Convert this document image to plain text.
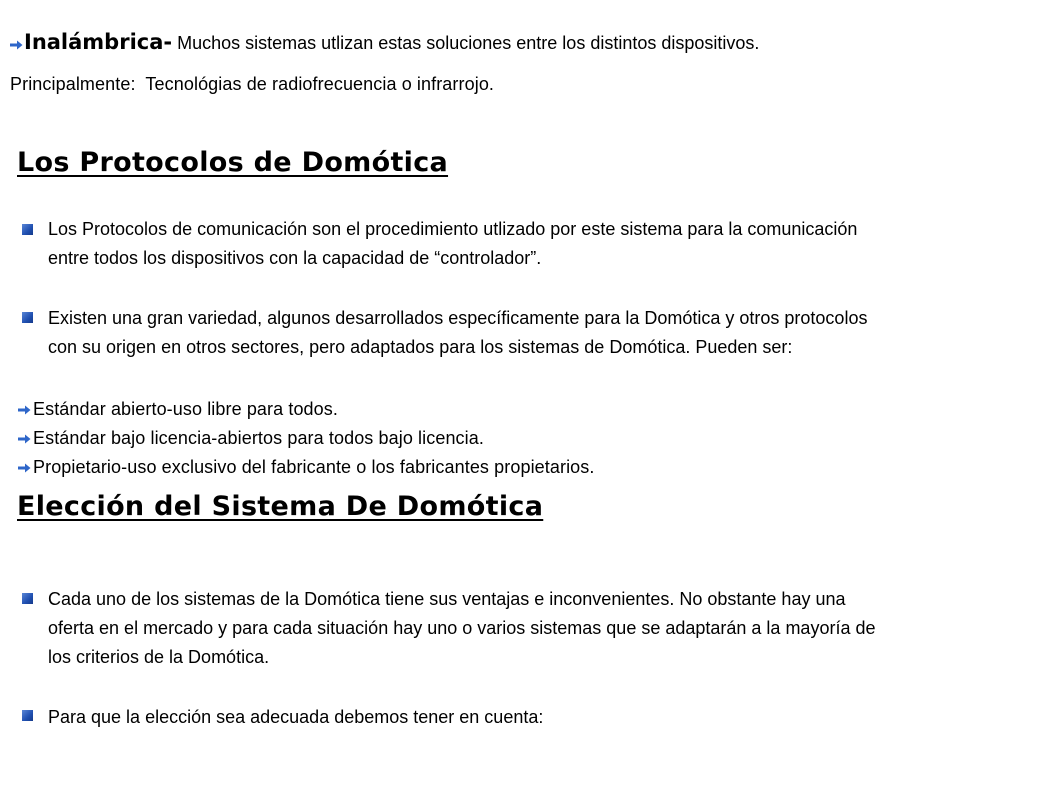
Inalámbrica- Muchos sistemas utlizan estas soluciones entre los distintos dispositivos.
Principalmente:  Tecnológias de radiofrecuencia o infrarrojo.
Los Protocolos de Domótica
Los Protocolos de comunicación son el procedimiento utlizado por este sistema para la comunicación
entre todos los dispositivos con la capacidad de “controlador”.
Existen una gran variedad, algunos desarrollados específicamente para la Domótica y otros protocolos
con su origen en otros sectores, pero adaptados para los sistemas de Domótica. Pueden ser:
Estándar abierto-uso libre para todos.
Estándar bajo licencia-abiertos para todos bajo licencia.
Propietario-uso exclusivo del fabricante o los fabricantes propietarios.
Elección del Sistema De Domótica
Cada uno de los sistemas de la Domótica tiene sus ventajas e inconvenientes. No obstante hay una
oferta en el mercado y para cada situación hay uno o varios sistemas que se adaptarán a la mayoría de
los criterios de la Domótica.
Para que la elección sea adecuada debemos tener en cuenta:
